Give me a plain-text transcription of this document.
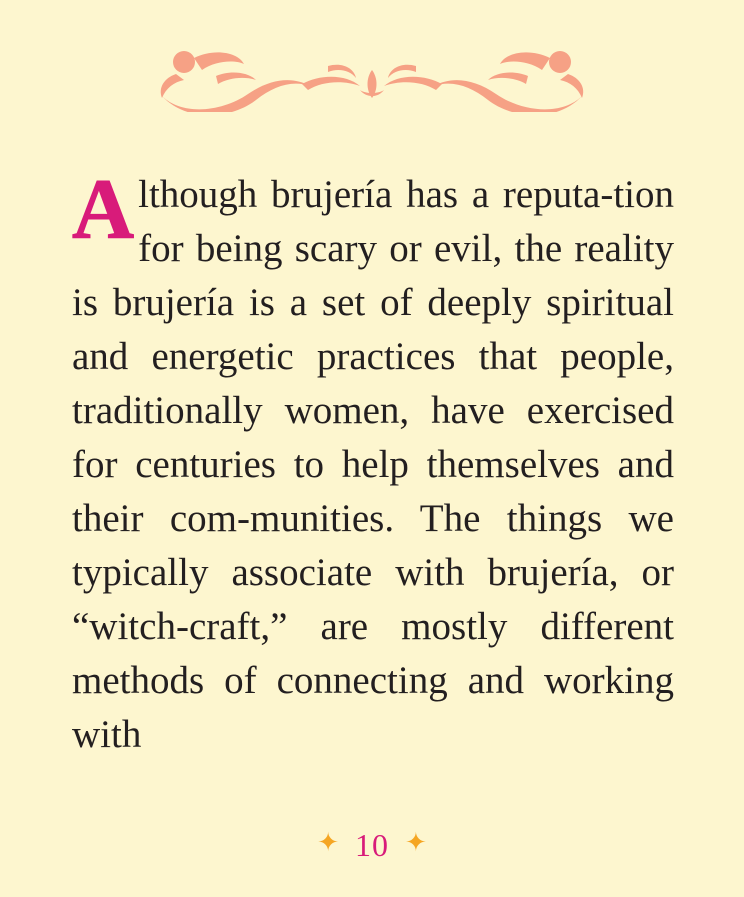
A lthough brujería has a reputa-tion for being scary or evil, the reality is brujería is a set of deeply spiritual and energetic practices that people, traditionally women, have exercised for centuries to help themselves and their com-munities. The things we typically associate with brujería, or “witch-craft,” are mostly different methods of connecting and working with

✦ 10 ✦
